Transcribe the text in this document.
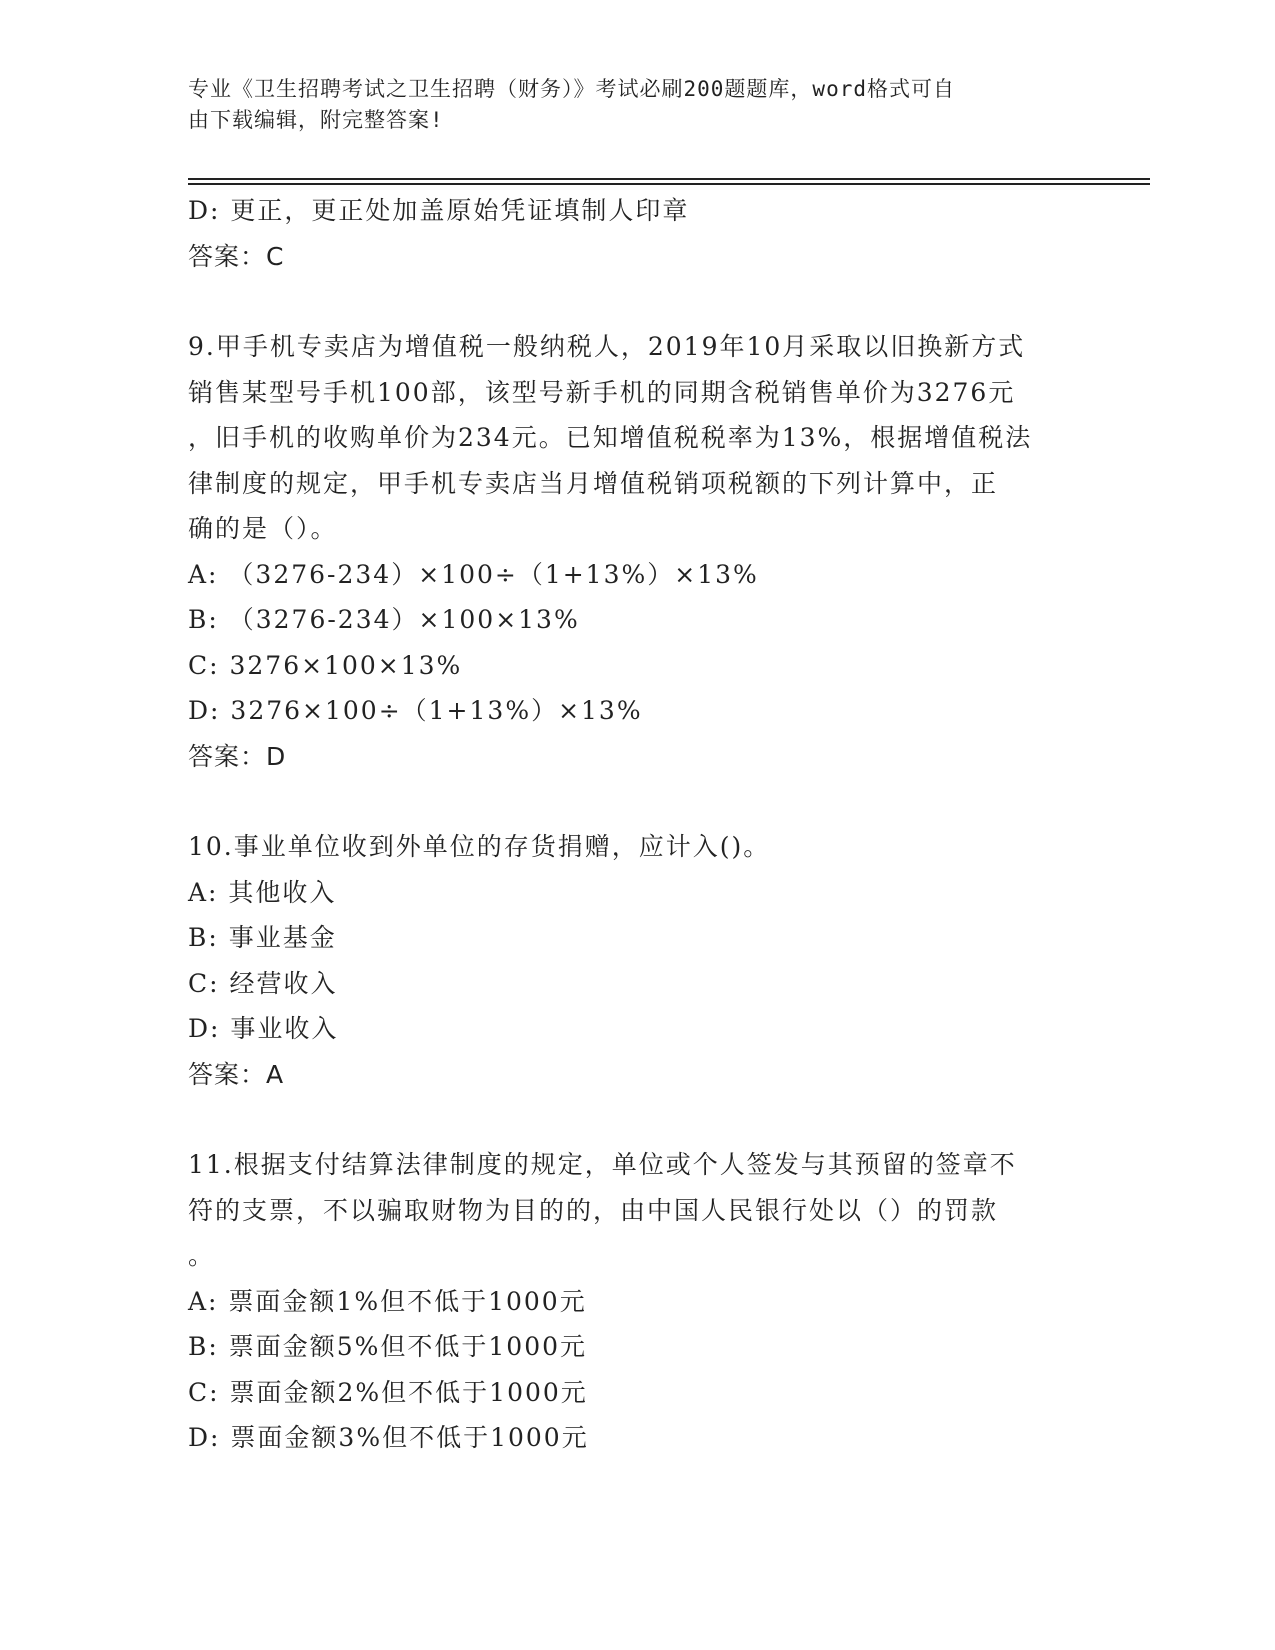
专业《卫生招聘考试之卫生招聘（财务）》考试必刷200题题库，word格式可自
由下载编辑，附完整答案!
D: 更正，更正处加盖原始凭证填制人印章
答案：C
9.甲手机专卖店为增值税一般纳税人，2019年10月采取以旧换新方式
销售某型号手机100部，该型号新手机的同期含税销售单价为3276元
，旧手机的收购单价为234元。已知增值税税率为13%，根据增值税法
律制度的规定，甲手机专卖店当月增值税销项税额的下列计算中，正
确的是（）。
A: （3276-234）×100÷（1+13%）×13%
B: （3276-234）×100×13%
C: 3276×100×13%
D: 3276×100÷（1+13%）×13%
答案：D
10.事业单位收到外单位的存货捐赠，应计入()。
A: 其他收入
B: 事业基金
C: 经营收入
D: 事业收入
答案：A
11.根据支付结算法律制度的规定，单位或个人签发与其预留的签章不
符的支票，不以骗取财物为目的的，由中国人民银行处以（）的罚款
。
A: 票面金额1%但不低于1000元
B: 票面金额5%但不低于1000元
C: 票面金额2%但不低于1000元
D: 票面金额3%但不低于1000元
